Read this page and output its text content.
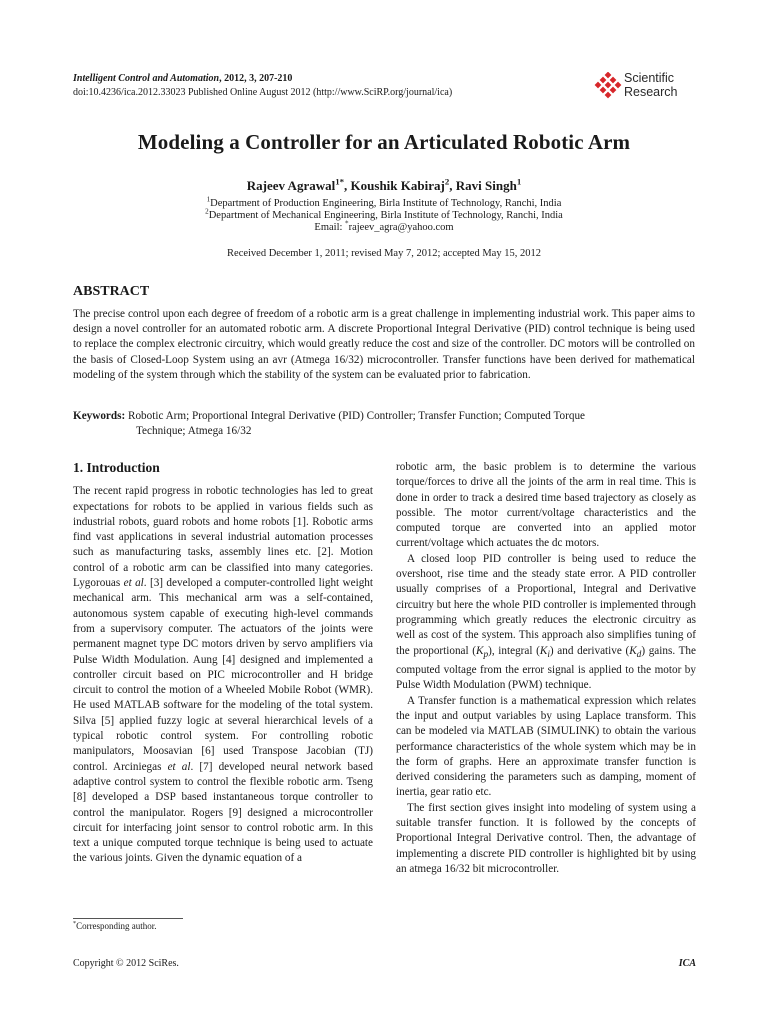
Intelligent Control and Automation, 2012, 3, 207-210
doi:10.4236/ica.2012.33023 Published Online August 2012 (http://www.SciRP.org/journal/ica)
Scientific
Research
Modeling a Controller for an Articulated Robotic Arm
Rajeev Agrawal$^{1*}$, Koushik Kabiraj$^2$, Ravi Singh$^1$
$^1$Department of Production Engineering, Birla Institute of Technology, Ranchi, India
$^2$Department of Mechanical Engineering, Birla Institute of Technology, Ranchi, India
Email: *rajeev_agra@yahoo.com
Received December 1, 2011; revised May 7, 2012; accepted May 15, 2012
ABSTRACT
The precise control upon each degree of freedom of a robotic arm is a great challenge in implementing industrial work. This paper aims to design a novel controller for an automated robotic arm. A discrete Proportional Integral Derivative (PID) control technique is being used to replace the complex electronic circuitry, which would greatly reduce the cost and size of the controller. DC motors will be controlled on the basis of Closed-Loop System using an avr (Atmega 16/32) microcontroller. Transfer functions have been derived for mathematical modeling of the system through which the stability of the system can be evaluated prior to fabrication.
Keywords: Robotic Arm; Proportional Integral Derivative (PID) Controller; Transfer Function; Computed Torque
Technique; Atmega 16/32
1. Introduction

The recent rapid progress in robotic technologies has led to great expectations for robots to be applied in various fields such as industrial robots, guard robots and home robots [1]. Robotic arms find vast applications in several industrial automation processes such as manufacturing tasks, assembly lines etc. [2]. Motion control of a robotic arm can be classified into many categories. Lygorouas et al. [3] developed a computer-controlled light weight mechanical arm. This mechanical arm was a self-contained, autonomous system capable of executing high-level commands from a supervisory computer. The actuators of the joints were permanent magnet type DC motors driven by servo amplifiers via Pulse Width Modulation. Aung [4] designed and implemented a controller circuit based on PIC microcontroller and H bridge circuit to control the motion of a Wheeled Mobile Robot (WMR). He used MATLAB software for the modeling of the total system. Silva [5] applied fuzzy logic at several hierarchical levels of a typical robotic control system. For controlling robotic manipulators, Moosavian [6] used Transpose Jacobian (TJ) control. Arciniegas et al. [7] developed neural network based adaptive control system to control the flexible robotic arm. Tseng [8] developed a DSP based instantaneous torque controller to control the manipulator. Rogers [9] designed a microcontroller circuit for interfacing joint sensor to control robotic arm. In this text a unique computed torque technique is being used to actuate the various joints. Given the dynamic equation of a

robotic arm, the basic problem is to determine the various torque/forces to drive all the joints of the arm in real time. This is done in order to track a desired time based trajectory as closely as possible. The motor current/voltage characteristics and the computed torque are converted into an applied motor current/voltage which actuates the dc motors.

A closed loop PID controller is being used to reduce the overshoot, rise time and the steady state error. A PID controller usually comprises of a Proportional, Integral and Derivative circuitry but here the whole PID controller is implemented through programming which greatly reduces the electronic circuitry as well as cost of the system. This approach also simplifies tuning of the proportional $(K_p)$, integral $(K_i)$ and derivative $(K_d)$ gains. The computed voltage from the error signal is applied to the motor by Pulse Width Modulation (PWM) technique.

A Transfer function is a mathematical expression which relates the input and output variables by using Laplace transform. This can be modeled via MATLAB (SIMULINK) to obtain the various performance characteristics of the whole system which may be in the form of graphs. Here an approximate transfer function is derived considering the parameters such as damping, moment of inertia, gear ratio etc.

The first section gives insight into modeling of system using a suitable transfer function. It is followed by the concepts of Proportional Integral Derivative control. Then, the advantage of implementing a discrete PID controller is highlighted bit by using an atmega 16/32 bit microcontroller.

*Corresponding author.
Copyright © 2012 SciRes.	ICA
